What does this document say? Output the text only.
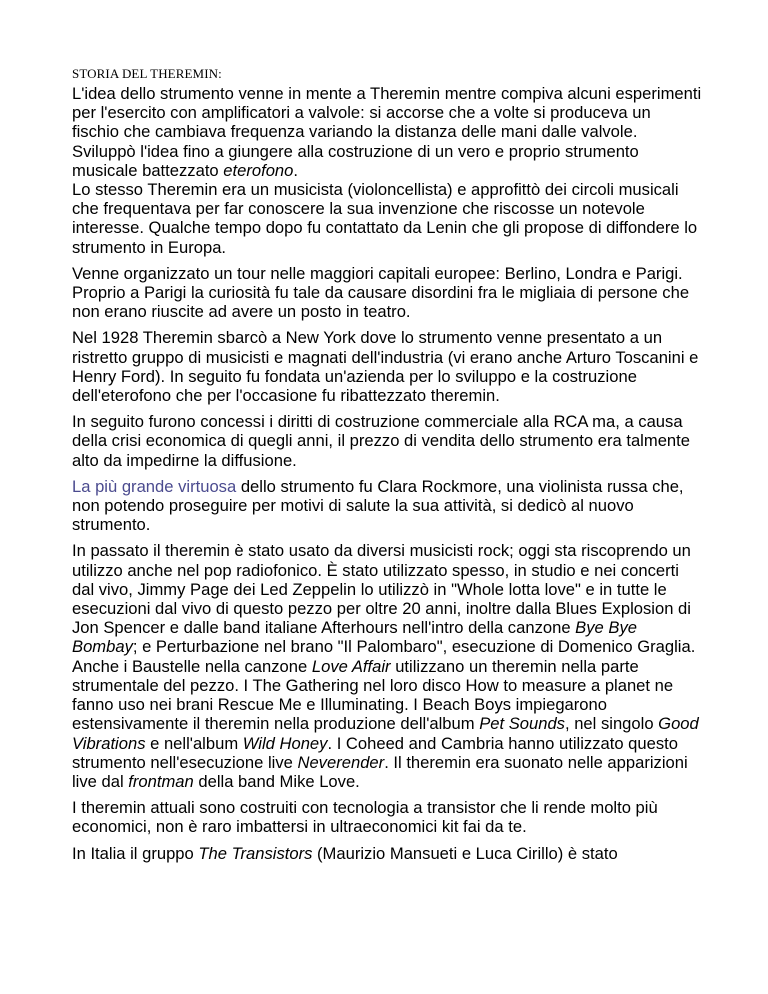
STORIA DEL THEREMIN:

L'idea dello strumento venne in mente a Theremin mentre compiva alcuni esperimenti per l'esercito con amplificatori a valvole: si accorse che a volte si produceva un fischio che cambiava frequenza variando la distanza delle mani dalle valvole. Sviluppò l'idea fino a giungere alla costruzione di un vero e proprio strumento musicale battezzato eterofono.

Lo stesso Theremin era un musicista (violoncellista) e approfittò dei circoli musicali che frequentava per far conoscere la sua invenzione che riscosse un notevole interesse. Qualche tempo dopo fu contattato da Lenin che gli propose di diffondere lo strumento in Europa.

Venne organizzato un tour nelle maggiori capitali europee: Berlino, Londra e Parigi. Proprio a Parigi la curiosità fu tale da causare disordini fra le migliaia di persone che non erano riuscite ad avere un posto in teatro.

Nel 1928 Theremin sbarcò a New York dove lo strumento venne presentato a un ristretto gruppo di musicisti e magnati dell'industria (vi erano anche Arturo Toscanini e Henry Ford). In seguito fu fondata un'azienda per lo sviluppo e la costruzione dell'eterofono che per l'occasione fu ribattezzato theremin.

In seguito furono concessi i diritti di costruzione commerciale alla RCA ma, a causa della crisi economica di quegli anni, il prezzo di vendita dello strumento era talmente alto da impedirne la diffusione.

La più grande virtuosa dello strumento fu Clara Rockmore, una violinista russa che, non potendo proseguire per motivi di salute la sua attività, si dedicò al nuovo strumento.

In passato il theremin è stato usato da diversi musicisti rock; oggi sta riscoprendo un utilizzo anche nel pop radiofonico. È stato utilizzato spesso, in studio e nei concerti dal vivo, Jimmy Page dei Led Zeppelin lo utilizzò in "Whole lotta love" e in tutte le esecuzioni dal vivo di questo pezzo per oltre 20 anni, inoltre dalla Blues Explosion di Jon Spencer e dalle band italiane Afterhours nell'intro della canzone Bye Bye Bombay; e Perturbazione nel brano "Il Palombaro", esecuzione di Domenico Graglia. Anche i Baustelle nella canzone Love Affair utilizzano un theremin nella parte strumentale del pezzo. I The Gathering nel loro disco How to measure a planet ne fanno uso nei brani Rescue Me e Illuminating. I Beach Boys impiegarono estensivamente il theremin nella produzione dell'album Pet Sounds, nel singolo Good Vibrations e nell'album Wild Honey. I Coheed and Cambria hanno utilizzato questo strumento nell'esecuzione live Neverender. Il theremin era suonato nelle apparizioni live dal frontman della band Mike Love.

I theremin attuali sono costruiti con tecnologia a transistor che li rende molto più economici, non è raro imbattersi in ultraeconomici kit fai da te.

In Italia il gruppo The Transistors (Maurizio Mansueti e Luca Cirillo) è stato
